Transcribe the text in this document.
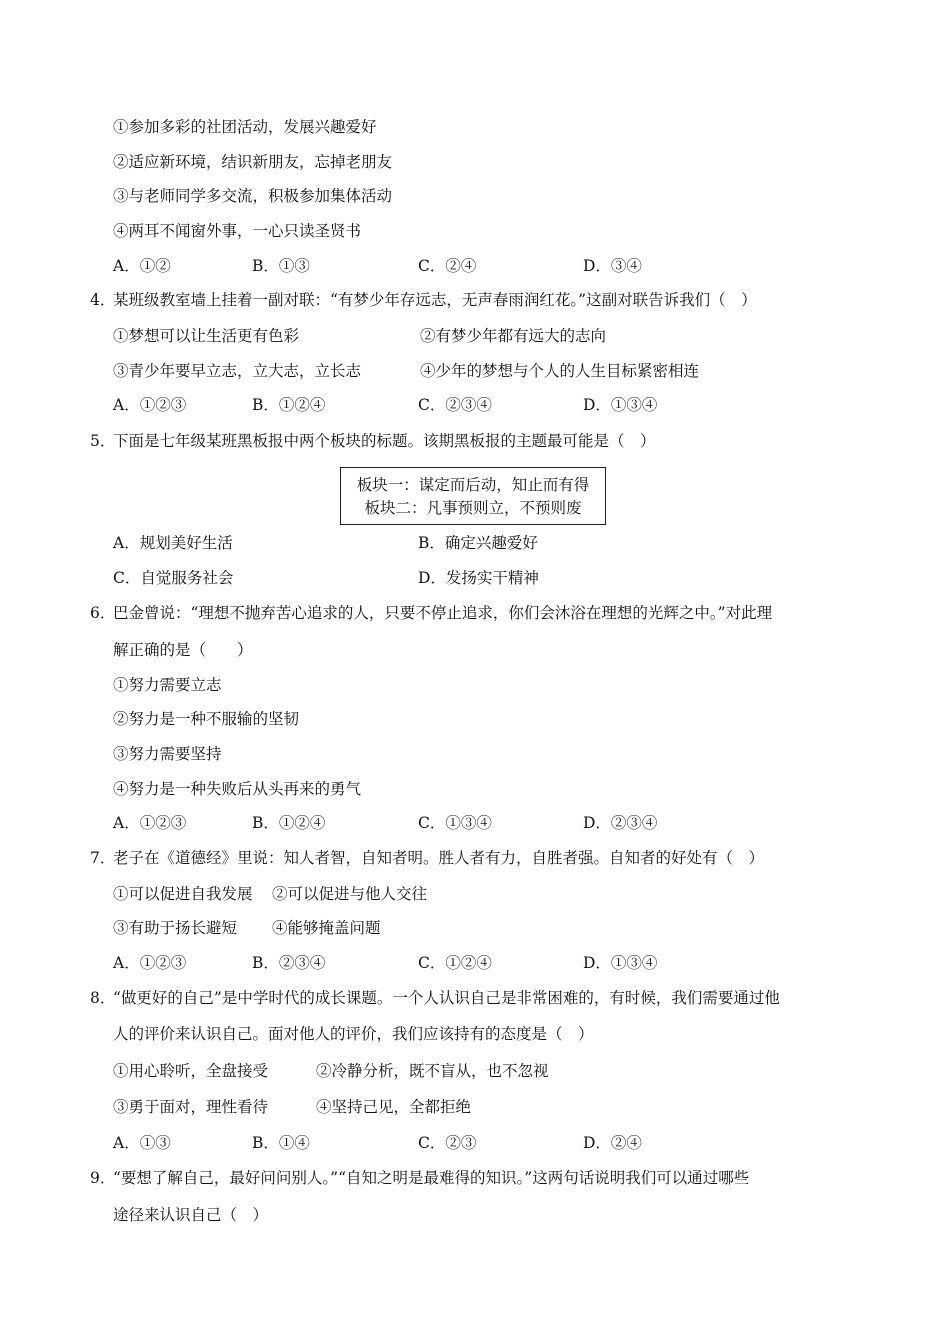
①参加多彩的社团活动，发展兴趣爱好
②适应新环境，结识新朋友，忘掉老朋友
③与老师同学多交流，积极参加集体活动
④两耳不闻窗外事，一心只读圣贤书
A．①②	B．①③	C．②④	D．③④
4．
某班级教室墙上挂着一副对联：“有梦少年存远志，无声春雨润红花。”这副对联告诉我们（　）
①梦想可以让生活更有色彩	②有梦少年都有远大的志向
③青少年要早立志，立大志，立长志	④少年的梦想与个人的人生目标紧密相连
A．①②③	B．①②④	C．②③④	D．①③④
5．
下面是七年级某班黑板报中两个板块的标题。该期黑板报的主题最可能是（　）
板块一：谋定而后动，知止而有得
板块二：凡事预则立，不预则废
A．规划美好生活	B．确定兴趣爱好
C．自觉服务社会	D．发扬实干精神
6．
巴金曾说：“理想不抛弃苦心追求的人，只要不停止追求，你们会沐浴在理想的光辉之中。”对此理
解正确的是（　　）
①努力需要立志
②努力是一种不服输的坚韧
③努力需要坚持
④努力是一种失败后从头再来的勇气
A．①②③	B．①②④	C．①③④	D．②③④
7．
老子在《道德经》里说：知人者智，自知者明。胜人者有力，自胜者强。自知者的好处有（　）
①可以促进自我发展 ②可以促进与他人交往
③有助于扬长避短 ④能够掩盖问题
A．①②③	B．②③④	C．①②④	D．①③④
8．
“做更好的自己”是中学时代的成长课题。一个人认识自己是非常困难的，有时候，我们需要通过他
人的评价来认识自己。面对他人的评价，我们应该持有的态度是（　）
①用心聆听，全盘接受	②冷静分析，既不盲从，也不忽视
③勇于面对，理性看待	④坚持己见，全都拒绝
A．①③	B．①④	C．②③	D．②④
9．
“要想了解自己，最好问问别人。”“自知之明是最难得的知识。”这两句话说明我们可以通过哪些
途径来认识自己（　）
